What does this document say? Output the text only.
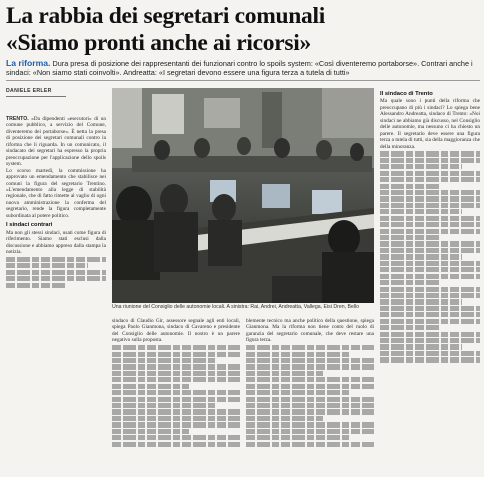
La rabbia dei segretari comunali
«Siamo pronti anche ai ricorsi»
La riforma. Dura presa di posizione dei rappresentanti dei funzionari contro lo spoils system: «Così diventeremo portaborse». Contrari anche i sindaci: «Non siamo stati coinvolti». Andreatta: «I segretari devono essere una figura terza a tutela di tutti»
DANIELE ERLER

TRENTO. «Da dipendenti «esecutori» di un comune pubblico, a servizio del Comune, diventeremo dei portaborse». È netta la presa di posizione dei segretari comunali contro la riforma che li riguarda. In un comunicato, il sindacato dei segretari ha espresso la propria preoccupazione per l'applicazione dello spoils system.

Lo scorso martedì, la commissione ha approvato un emendamento che stabilisce nei comuni la figura del segretario Trentino. «L'emendamento alla legge di stabilità regionale, che di fatto rimette al vaglio di ogni nuova amministrazione la conferma del segretario, rende la figura completamente subordinata al potere politico.

I sindaci contrari

Ma non gli stessi sindaci, usati come figura di riferimento. Siamo stati esclusi dalla discussione e abbiamo appreso dalla stampa la notizia.

Una riunione del Consiglio delle autonomie locali. A sinistra: Rai, Andrei, Andreatta, Vallega, Eisi Dren, Bello

sindaco di Claudio Gir, assessore segnale agli enti locali, spiega Paolo Gianmona, sindaco di Cavareno e presidente del Consiglio delle autonomie. Il nostro è un parere negativo sulla proposta.

blemente tecnico ma anche politico della questione, spiega Gianmona. Ma la riforma non tiene conto del ruolo di garanzia del segretario comunale, che deve restare una figura terza.

Il sindaco di Trento

Ma quale sono i punti della riforma che preoccupano di più i sindaci? Lo spiega bene Alessandro Andreatta, sindaco di Trento: «Noi sindaci ne abbiamo già discusso, nel Consiglio delle autonomie, ma nessuno ci ha chiesto un parere. Il segretario deve essere una figura terza a tutela di tutti, sia della maggioranza che della minoranza.
